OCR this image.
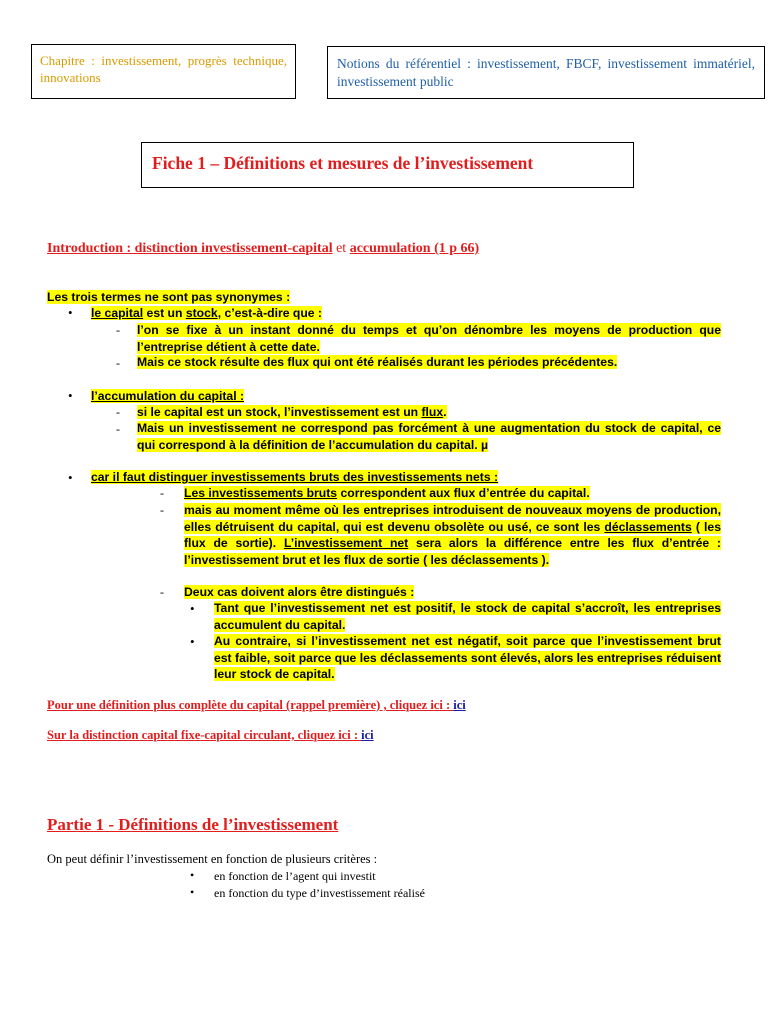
Chapitre : investissement, progrès technique, innovations
Notions du référentiel : investissement, FBCF, investissement immatériel, investissement public
Fiche 1 – Définitions et mesures de l’investissement
Introduction : distinction investissement-capital et accumulation (1 p 66)
Les trois termes ne sont pas synonymes :
• le capital est un stock, c’est-à-dire que :
- l’on se fixe à un instant donné du temps et qu’on dénombre les moyens de production que l’entreprise détient à cette date.
- Mais ce stock résulte des flux qui ont été réalisés durant les périodes précédentes.
• l’accumulation du capital :
- si le capital est un stock, l’investissement est un flux.
- Mais un investissement ne correspond pas forcément à une augmentation du stock de capital, ce qui correspond à la définition de l’accumulation du capital. µ
• car il faut distinguer investissements bruts des investissements nets :
- Les investissements bruts correspondent aux flux d’entrée du capital.
- mais au moment même où les entreprises introduisent de nouveaux moyens de production, elles détruisent du capital, qui est devenu obsolète ou usé, ce sont les déclassements ( les flux de sortie). L’investissement net sera alors la différence entre les flux d’entrée : l’investissement brut et les flux de sortie ( les déclassements ).
- Deux cas doivent alors être distingués :
• Tant que l’investissement net est positif, le stock de capital s’accroît, les entreprises accumulent du capital.
• Au contraire, si l’investissement net est négatif, soit parce que l’investissement brut est faible, soit parce que les déclassements sont élevés, alors les entreprises réduisent leur stock de capital.
Pour une définition plus complète du capital (rappel première) , cliquez ici : ici
Sur la distinction capital fixe-capital circulant, cliquez ici : ici
Partie 1 - Définitions de l’investissement
On peut définir l’investissement en fonction de plusieurs critères :
• en fonction de l’agent qui investit
• en fonction du type d’investissement réalisé
